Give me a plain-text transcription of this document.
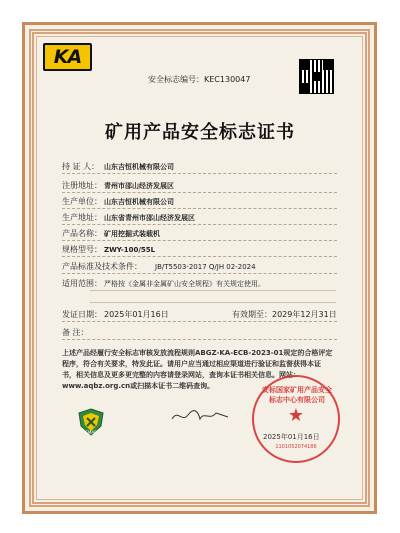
KA
安全标志编号：KEC130047
矿用产品安全标志证书
持 证 人： 山东吉恒机械有限公司
注册地址： 青州市邵山经济发展区
生产单位： 山东吉恒机械有限公司
生产地址： 山东省青州市邵山经济发展区
产品名称： 矿用挖掘式装载机
规格型号： ZWY-100/55L
产品标准及技术条件： JB/T5503-2017 Q/JH 02-2024
适用范围： 严格按《金属非金属矿山安全规程》有关规定使用。
发证日期： 2025年01月16日	有效期至：2029年12月31日
备 注：
上述产品经履行安全标志审核发放流程规则ABGZ-KA-ECB-2023-01规定的合格评定程序，符合有关要求，特发此证。请用户应当通过相应渠道进行验证和监督获得本证书，相关信息及更多更完整的内容请登录网站，查询本证书相关信息。网站：www.aqbz.org.cn或扫描本证书二维码查询。
CMAC
安标国家矿用产品安全标志中心有限公司
★
1101052074186
2025年01月16日
